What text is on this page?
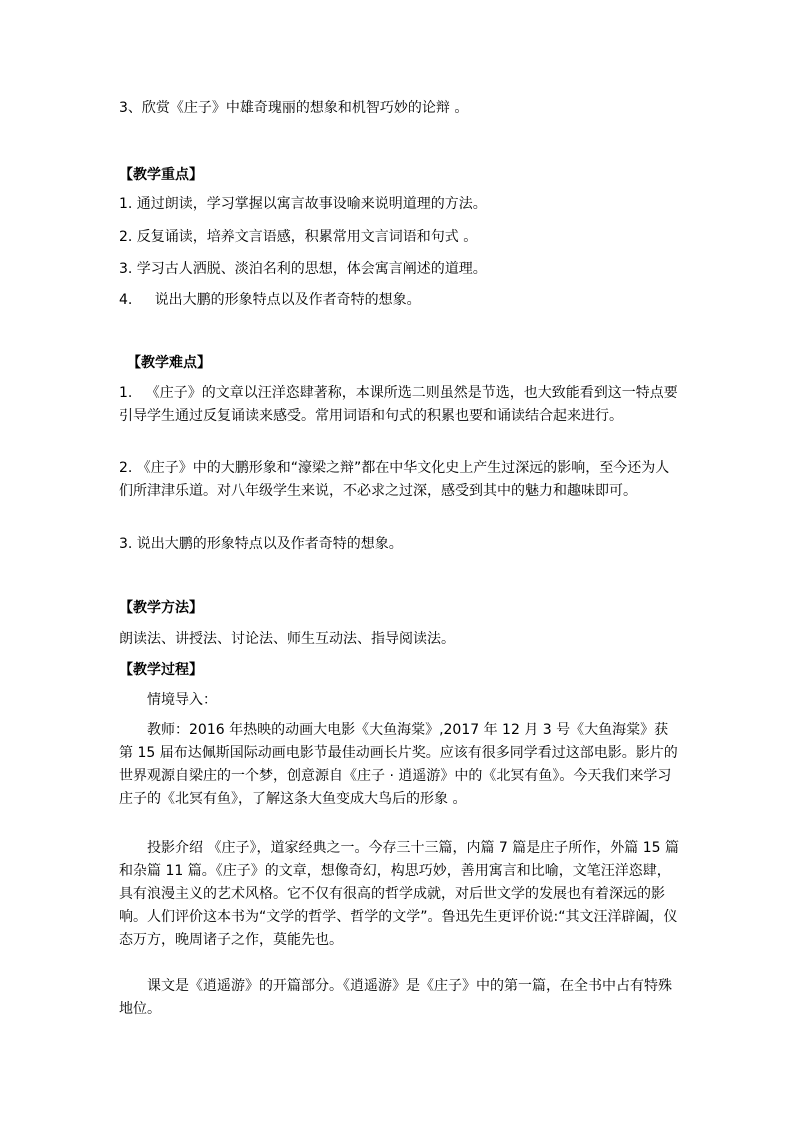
3、欣赏《庄子》中雄奇瑰丽的想象和机智巧妙的论辩 。

【教学重点】

1. 通过朗读，学习掌握以寓言故事设喻来说明道理的方法。

2. 反复诵读，培养文言语感，积累常用文言词语和句式 。

3. 学习古人洒脱、淡泊名利的思想，体会寓言阐述的道理。

4.     说出大鹏的形象特点以及作者奇特的想象。

【教学难点】

1.   《庄子》的文章以汪洋恣肆著称，本课所选二则虽然是节选，也大致能看到这一特点要引导学生通过反复诵读来感受。常用词语和句式的积累也要和诵读结合起来进行。

2. 《庄子》中的大鹏形象和“濠梁之辩”都在中华文化史上产生过深远的影响，至今还为人们所津津乐道。对八年级学生来说，不必求之过深，感受到其中的魅力和趣味即可。

3. 说出大鹏的形象特点以及作者奇特的想象。

【教学方法】

朗读法、讲授法、讨论法、师生互动法、指导阅读法。

【教学过程】

情境导入：

教师：2016 年热映的动画大电影《大鱼海棠》,2017 年 12 月 3 号《大鱼海棠》获第 15 届布达佩斯国际动画电影节最佳动画长片奖。应该有很多同学看过这部电影。影片的世界观源自梁庄的一个梦，创意源自《庄子 · 逍遥游》中的《北冥有鱼》。今天我们来学习庄子的《北冥有鱼》，了解这条大鱼变成大鸟后的形象 。

投影介绍 《庄子》，道家经典之一。今存三十三篇，内篇 7 篇是庄子所作，外篇 15 篇和杂篇 11 篇。《庄子》的文章，想像奇幻，构思巧妙，善用寓言和比喻，文笔汪洋恣肆，具有浪漫主义的艺术风格。它不仅有很高的哲学成就，对后世文学的发展也有着深远的影响。人们评价这本书为“文学的哲学、哲学的文学”。鲁迅先生更评价说:“其文汪洋辟阖，仪态万方，晚周诸子之作，莫能先也。

课文是《逍遥游》的开篇部分。《逍遥游》是《庄子》中的第一篇，在全书中占有特殊地位。
